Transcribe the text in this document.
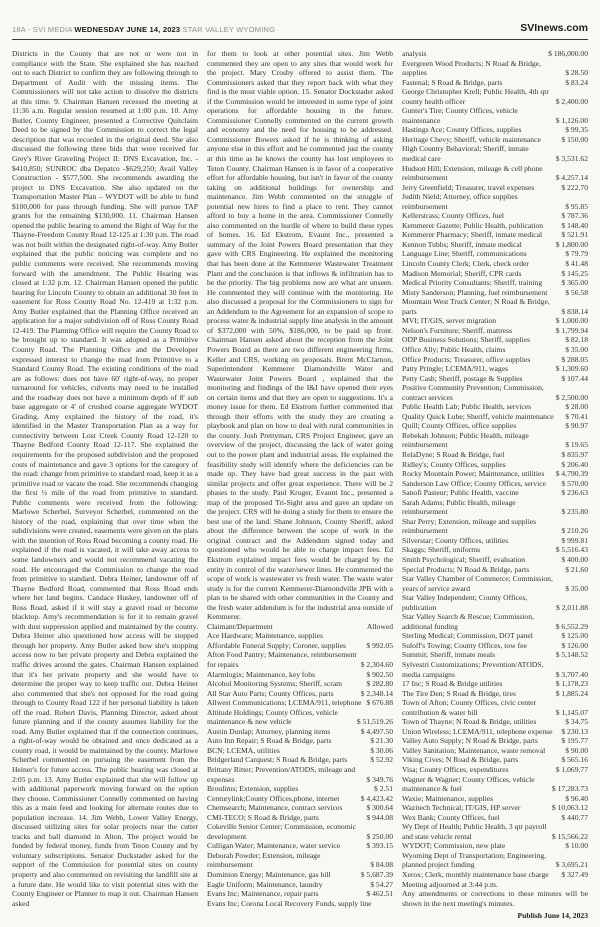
18A - SVI MEDIA WEDNESDAY JUNE 14, 2023 STAR VALLEY WYOMING	SVInews.com
Districts in the County that are not or were not in compliance with the State. She explained she has reached out to each District to confirm they are following through to Department of Audit with the missing items. The Commissioners will not take action to dissolve the districts at this time. 9. Chairman Hansen recessed the meeting at 11:36 a.m. Regular session resumed at 1:00 p.m. 10. Amy Butler, County Engineer, presented a Corrective Quitclaim Deed to be signed by the Commission to correct the legal description that was recorded in the original deed. She also discussed the following three bids that were received for Grey's River Graveling Project II: DNS Excavation, Inc. - $410,850; SUNROC dba Depatco -$629,250; Avail Valley Construction - $577,500. She recommends awarding the project to DNS Excavation. She also updated on the Transportation Master Plan – WYDOT will be able to fund $100,000 for pass through funding. She will pursue TAP grants for the remaining $130,000. 11. Chairman Hansen opened the public hearing to amend the Right of Way for the Thayne-Freedom County Road 12-125 at 1:30 p.m. The road was not built within the designated right-of-way. Amy Butler explained that the public noticing was complete and no public comments were received. She recommends moving forward with the amendment. The Public Hearing was closed at 1:32 p.m. 12. Chairman Hansen opened the public hearing for Lincoln County to obtain an additional 30 feet in easement for Ross County Road No. 12-419 at 1:32 p.m. Amy Butler explained that the Planning Office received an application for a major subdivision off of Ross County Road 12-419. The Planning Office will require the County Road to be brought up to standard. It was adopted as a Primitive County Road. The Planning Office and the Developer expressed interest to change the road from Primitive to a Standard County Road. The existing conditions of the road are as follows: does not have 60' right-of-way, no proper turnaround for vehicles, culverts may need to be installed and the roadway does not have a minimum depth of 8' sub base aggregate or 4' of crushed coarse aggregate WYDOT Grading. Amy explained the history of the road, it's identified in the Master Transportation Plan as a way for connectivity between Lost Creek County Road 12-120 to Thayne Bedford County Road 12-117. She explained the requirements for the proposed subdivision and the proposed costs of maintenance and gave 3 options for the category of the road: change from primitive to standard road, keep it as a primitive road or vacate the road. She recommends changing the first ½ mile of the road from primitive to standard. Public comments were received from the following: Marlowe Scherbel, Surveyor Scherbel, commented on the history of the road, explaining that over time when the subdivisions were created, easements were given on the plats with the intention of Ross Road becoming a county road. He explained if the road is vacated, it will take away access to some landowners and would not recommend vacating the road. He encouraged the Commission to change the road from primitive to standard. Debra Heiner, landowner off of Thayne Bedford Road, commented that Ross Road ends where her land begins. Candace Huskey, landowner off of Ross Road, asked if it will stay a gravel road or become blacktop. Amy's recommendation is for it to remain gravel with dust suppression applied and maintained by the county. Debra Heiner also questioned how access will be stopped through her property. Amy Butler asked how she's stopping access now to her private property and Debra explained the traffic drives around the gates. Chairman Hansen explained that it's her private property and she would have to determine the proper way to keep traffic out. Debra Heiner also commented that she's not opposed for the road going through to County Road 122 if her personal liability is taken off the road. Robert Davis, Planning Director, asked about future planning and if the county assumes liability for the road. Amy Butler explained that if the connection continues, a right-of-way would be obtained and once dedicated as a county road, it would be maintained by the county. Marlowe Scherbel commented on pursuing the easement from the Heiner's for future access. The public hearing was closed at 2:05 p.m. 13. Amy Butler explained that she will follow up with additional paperwork moving forward on the option they choose. Commissioner Connelly commented on having this as a main feed and looking for alternate routes due to population increase. 14. Jim Webb, Lower Valley Energy, discussed utilizing sites for solar projects near the cutter tracks and ball diamond in Alton. The project would be funded by federal money, funds from Teton County and by voluntary subscriptions. Senator Duckstader asked for the support of the Commission for potential sites on county property and also commented on revisiting the landfill site at a future date. He would like to visit potential sites with the County Engineer or Planner to map it out. Chairman Hansen asked
for them to look at other potential sites. Jim Webb commented they are open to any sites that would work for the project. Mary Crosby offered to assist them. The Commissioners asked that they report back with what they find is the most viable option. 15. Senator Dockstader asked if the Commission would be interested in some type of joint operations for affordable housing in the future. Commissioner Connelly commented on the current growth and economy and the need for housing to be addressed. Commissioner Bowers asked if he is thinking of asking anyone else in this effort and he commented just the county at this time as he knows the county has lost employees to Teton County. Chairman Hansen is in favor of a cooperative effort for affordable housing, but isn't in favor of the county taking on additional buildings for ownership and maintenance. Jim Webb commented on the struggle of potential new hires to find a place to rent. They cannot afford to buy a home in the area. Commissioner Connelly also commented on the hurdle of where to build these types of homes. 16. Ed Ekstrom, Evaunt Inc., presented a summary of the Joint Powers Board presentation that they gave with CRS Engineering. He explained the monitoring that has been done at the Kemmerer Wastewater Treatment Plant and the conclusion is that inflows & infiltration has to be the priority. The big problems now are what are unseen. He commented they will continue with the monitoring. He also discussed a proposal for the Commissioners to sign for an Addendum to the Agreement for an expansion of scope to process water & industrial supply line analysis in the amount of $372,000 with 50%, $186,000, to be paid up front. Chairman Hansen asked about the reception from the Joint Powers Board as there are two different engineering firms, Keller and CRS, working on proposals. Brent McClarnon, Superintendent Kemmerer Diamondville Water and Wastewater Joint Powers Board , explained that the monitoring and findings of the I&I have opened their eyes on certain items and that they are open to suggestions. It's a money issue for them. Ed Ekstrom further commented that through their efforts with the study they are creating a playbook and plan on how to deal with rural communities in the county. Josh Prettyman, CRS Project Engineer, gave an overview of the project, discussing the lack of water going out to the power plant and industrial areas. He explained the feasibility study will identify where the deficiencies can be made up. They have had great success in the past with similar projects and offer great experience. There will be 2 phases to the study. Paul Kruger, Evaunt Inc., presented a map of the proposed Tri-Sight area and gave an update on the project. CRS will be doing a study for them to ensure the best use of the land. Shane Johnson, County Sheriff, asked about the difference between the scope of work in the original contract and the Addendum signed today and questioned who would be able to charge impact fees. Ed Ekstrom explained impact fees would be charged by the entity in control of the water/sewer lines. He commented the scope of work is wastewater vs fresh water. The waste water study is for the current Kemmerer-Diamondville JPB with a plan to be shared with other communities in the County and the fresh water addendum is for the industrial area outside of Kemmerer.
Claimant/Department	Allowed
Ace Hardware; Maintenance, supplies
Affordable Funeral Supply; Coroner, supplies	$ 992.05
Afton Food Pantry; Maintenance, reimbursement for repairs	$ 2,304.60
Alarmlogix; Maintenance, key fobs	$ 902.50
Alcohol Monitoring Systems; Sheriff, scram	$ 282.80
All Star Auto Parts; County Offices, parts	$ 2,348.14
Allwest Communications; LCEMA/911, telephone $ 676.88
Altitude Holdings; County Offices, vehicle maintenance & new vehicle	$ 51,519.26
Austin Dunlap; Attorney, planning items	$ 4,497.50
Auto Inn Repair; S Road & Bridge, parts	$ 21.30
BCN; LCEMA, utilities	$ 30.06
Bridgerland Carquest; S Road & Bridge, parts	$ 52.92
Brittany Ritter; Prevention/ATODS, mileage and expenses	$ 349.76
Broulims; Extension, supplies	$ 2.51
Centurylink;County Offices,phone, internet	$ 4,423.42
Chemsearch; Maintenance, contract services	$ 300.64
CMI-TECO; S Road & Bridge, parts	$ 944.08
Cokeville Senior Center; Commission, economic development	$ 250.00
Culligan Water; Maintenance, water service	$ 393.15
Deborah Powder; Extension, mileage reimbursement	$ 84.08
Dominion Energy; Maintenance, gas bill	$ 5,687.39
Eagle Uniform; Maintenance, laundry	$ 54.27
Evans Inc; Maintenance, repair parts	$ 462.51
Evans Inc; Corona Local Recovery Funds, supply line
analysis	$ 186,000.00
Evergreen Wood Products; N Road & Bridge, supplies	$ 28.50
Fastenal; S Road & Bridge, parts	$ 83.24
George Christopher Krell; Public Health, 4th qtr county health officer	$ 2,400.00
Gunter's Tire; County Offices, vehicle maintenance	$ 1,126.00
Hastings Ace; County Offices, supplies	$ 99.35
Heritage Chevy; Sheriff, vehicle maintenance	$ 150.00
High Country Behavioral; Sheriff, inmate medical care	$ 3,531.62
Hudson Hill; Extension, mileage & cell phone reimbursement	$ 4,257.14
Jerry Greenfield; Treasurer, travel expenses	$ 222.70
Judith Nield; Attorney, office supplies reimbursement	$ 95.85
Kellerstrass; County Offices, fuel	$ 787.36
Kemmerer Gazette; Public Health, publication	$ 148.40
Kemmerer Pharmacy; Sheriff, inmate medical	$ 521.91
Kennon Tubbs; Sheriff, inmate medical	$ 1,800.00
Language Line; Sheriff, communications	$ 79.79
Lincoln County Clerk; Clerk, check order	$ 41.48
Madison Memorial; Sheriff, CPR cards	$ 145.25
Medical Priority Consultants; Sheriff, training	$ 365.00
Misty Sanderson; Planning, fuel reimbursement	$ 56.58
Mountain West Truck Center; N Road & Bridge, parts	$ 838.14
MVI; IT/GIS, server migration	$ 1,000.00
Nelson's Furniture; Sheriff, mattress	$ 1,799.94
ODP Business Solutions; Sheriff, supplies	$ 82.18
Office Ally; Public Health, claims	$ 35.00
Office Products; Treasurer, office supplies	$ 288.05
Patty Pringle; LCEMA/911, wages	$ 1,309.60
Petty Cash; Sheriff, postage & Supplies	$ 107.44
Positive Community Prevention; Commission, contract services	$ 2,500.00
Public Health Lab; Public Health, services	$ 28.00
Quality Quick Lube; Sheriff, vehicle maintenance	$ 70.41
Quill; County Offices, office supplies	$ 90.97
Rebekah Johnson; Public Health, mileage reimbursement	$ 19.65
RelaDyne; S Road & Bridge, fuel	$ 835.97
Ridley's; County Offices, supplies	$ 206.40
Rocky Mountain Power; Maintenance, utilities	$ 4,790.39
Sanderson Law Office; County Offices, service	$ 570.00
Sanofi Pasteur; Public Health, vaccine	$ 236.63
Sarah Adams; Public Health, mileage reimbursement	$ 235.80
Shar Perry; Extension, mileage and supplies reimbursement	$ 210.26
Silverstar; County Offices, utilities	$ 999.81
Skaggs; Sheriff, uniforms	$ 5,516.43
Smith Psychological; Sheriff, evaluation	$ 400.00
Special Products; N Road & Bridge, parts	$ 21.60
Star Valley Chamber of Commerce; Commission, years of service award	$ 35.00
Star Valley Independent; County Offices, publication	$ 2,011.88
Star Valley Search & Rescue; Commission, additional funding	$ 6,552.29
Sterling Medical; Commission, DOT panel	$ 125.00
Suloff's Towing; County Offices, tow fee	$ 126.00
Summit; Sheriff, inmate meals	$ 5,148.52
Sylvestri Customizations; Prevention/ATODS, media campaigns	$ 3,707.40
17 Inc; S Road & Bridge utilities	$ 1,178.23
The Tire Den; S Road & Bridge, tires	$ 1,885.24
Town of Afton; County Offices, civic center contribution & water bill	$ 1,145.07
Town of Thayne; N Road & Bridge, utilities	$ 34.75
Union Wireless; LCEMA/911, telephone expense	$ 230.13
Valley Auto Supply; N Road & Bridge, parts	$ 195.77
Valley Sanitation; Maintenance, waste removal	$ 90.00
Viking Cives; N Road & Bridge, parts	$ 565.16
Visa; County Offices, expenditures	$ 1,069.77
Wagner & Wagner; County Offices, vehicle maintenance & fuel	$ 17,283.73
Waxie; Maintenance, supplies	$ 96.40
Wazitech Technical; IT/GIS, HP server	$ 10,063.12
Wex Bank; County Offices, fuel	$ 440.77
Wy Dept of Health; Public Health, 3 qtr payroll and state vehicle rental	$ 15,566.22
WYDOT; Commission, new plate	$ 10.00
Wyoming Dept of Transportation; Engineering, planned project funding	$ 3,695.21
Xerox; Clerk, monthly maintenance base charge	$ 327.49
Meeting adjourned at 3:44 p.m.
Any amendments or corrections to these minutes will be shown in the next meeting's minutes.
Publish June 14, 2023
